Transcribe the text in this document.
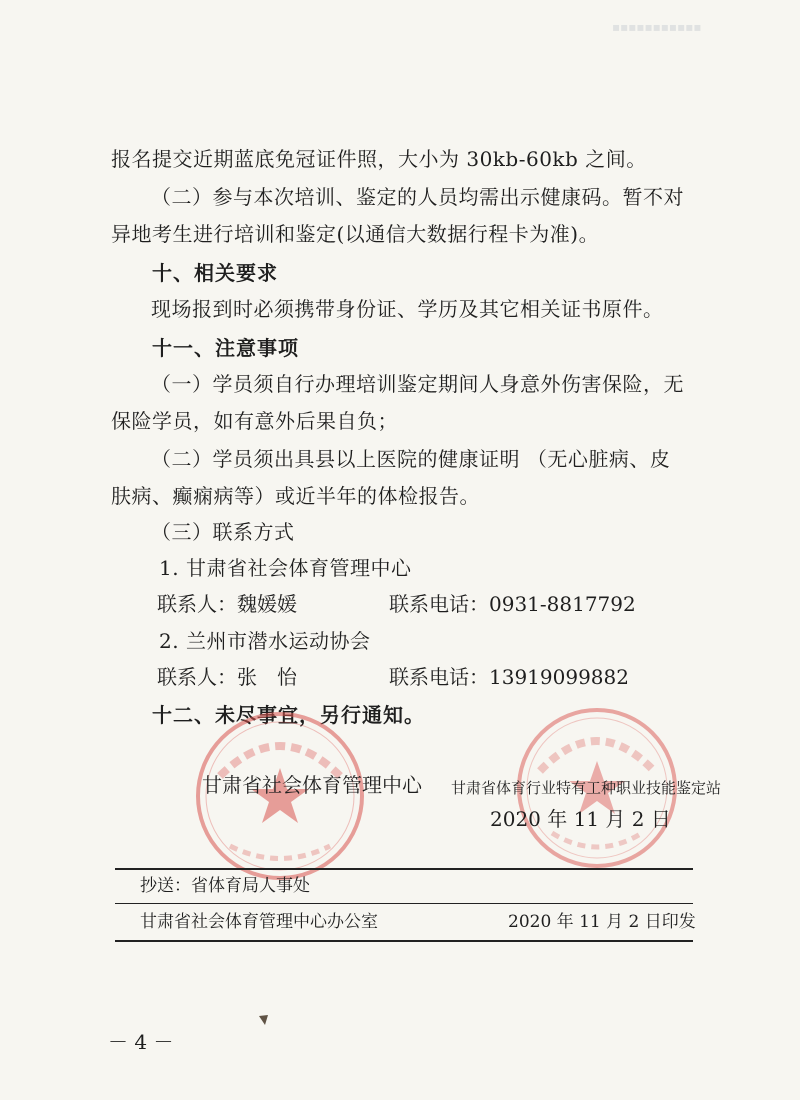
▪▪▪▪▪▪▪▪▪▪▪
报名提交近期蓝底免冠证件照，大小为 30kb-60kb 之间。
（二）参与本次培训、鉴定的人员均需出示健康码。暂不对
异地考生进行培训和鉴定(以通信大数据行程卡为准)。
十、相关要求
现场报到时必须携带身份证、学历及其它相关证书原件。
十一、注意事项
（一）学员须自行办理培训鉴定期间人身意外伤害保险，无
保险学员，如有意外后果自负；
（二）学员须出具县以上医院的健康证明 （无心脏病、皮
肤病、癫痫病等）或近半年的体检报告。
（三）联系方式
1. 甘肃省社会体育管理中心
联系人：魏媛媛	联系电话：0931-8817792
2. 兰州市潜水运动协会
联系人：张　怡	联系电话：13919099882
十二、未尽事宜，另行通知。
甘肃省社会体育管理中心 甘肃省体育行业特有工种职业技能鉴定站
2020 年 11 月 2 日
抄送：省体育局人事处
甘肃省社会体育管理中心办公室	2020 年 11 月 2 日印发
－ 4 －
